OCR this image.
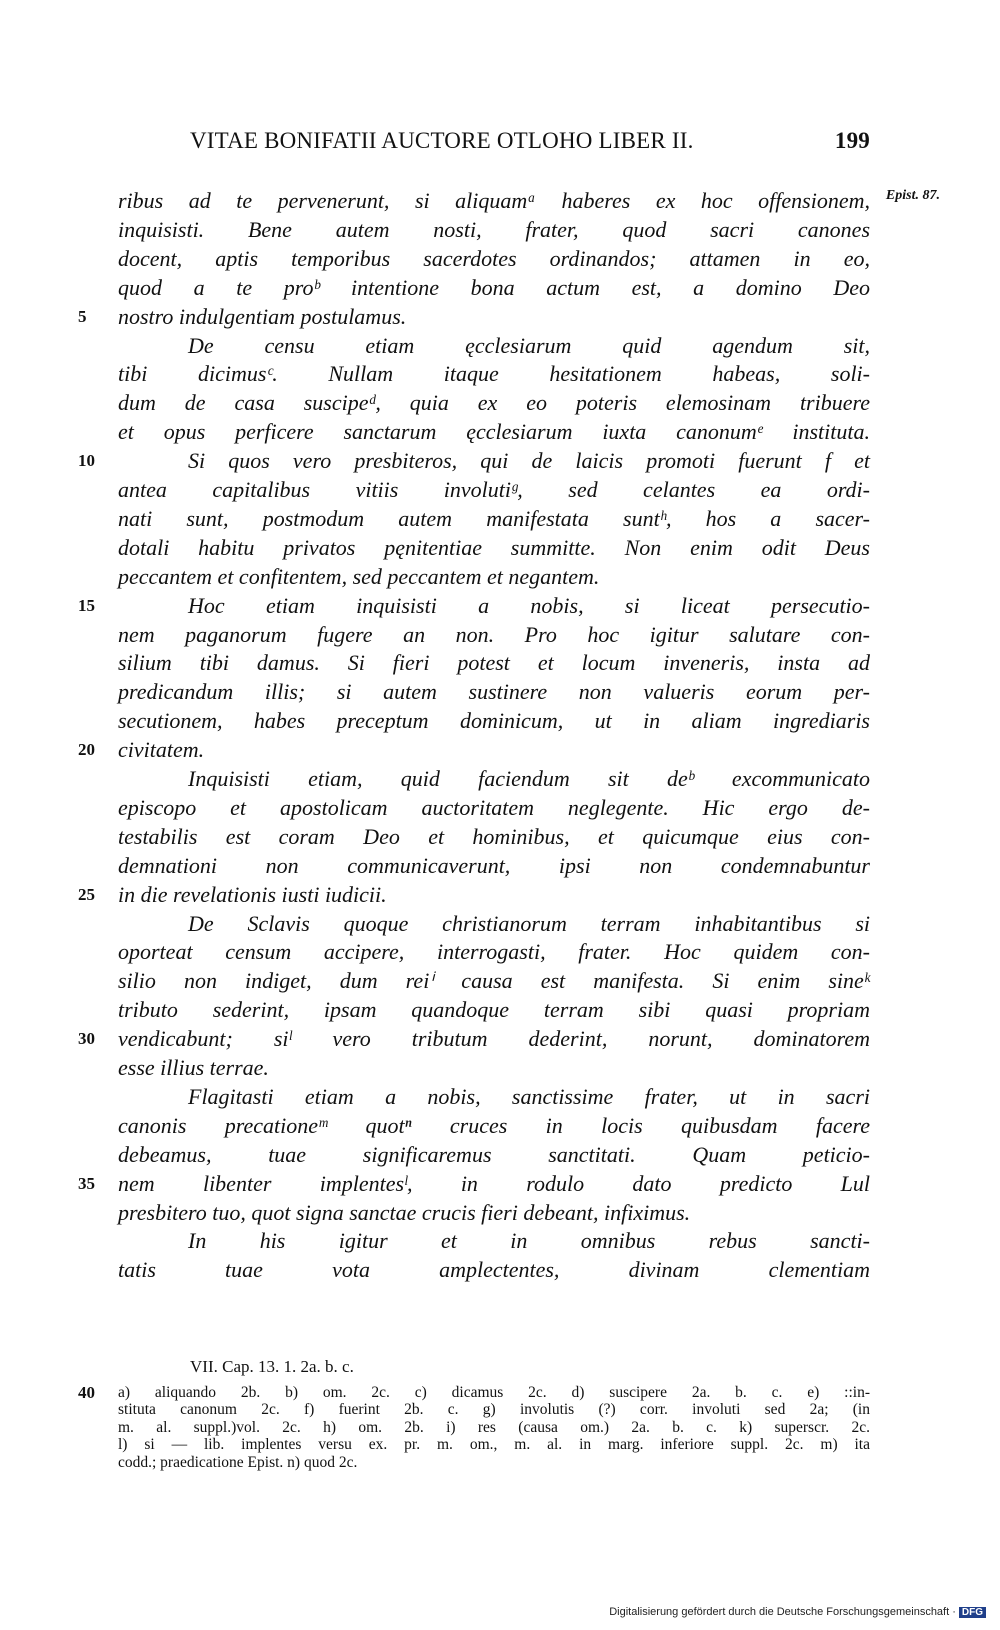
VITAE BONIFATII AUCTORE OTLOHO LIBER II.	199
Epist. 87.
ribus ad te pervenerunt, si aliquamᵃ haberes ex hoc offensionem,
inquisisti. Bene autem nosti, frater, quod sacri canones
docent, aptis temporibus sacerdotes ordinandos; attamen in eo,
quod a te proᵇ intentione bona actum est, a domino Deo
nostro indulgentiam postulamus.
5
De censu etiam ęcclesiarum quid agendum sit,
tibi dicimusᶜ. Nullam itaque hesitationem habeas, soli-
dum de casa suscipeᵈ, quia ex eo poteris elemosinam tribuere
et opus perficere sanctarum ęcclesiarum iuxta canonumᵉ instituta.
Si quos vero presbiteros, qui de laicis promoti fuerunt f et
10
antea capitalibus vitiis involutiᵍ, sed celantes ea ordi-
nati sunt, postmodum autem manifestata suntʰ, hos a sacer-
dotali habitu privatos pęnitentiae summitte. Non enim odit Deus
peccantem et confitentem, sed peccantem et negantem.
Hoc etiam inquisisti a nobis, si liceat persecutio-
15
nem paganorum fugere an non. Pro hoc igitur salutare con-
silium tibi damus. Si fieri potest et locum inveneris, insta ad
predicandum illis; si autem sustinere non valueris eorum per-
secutionem, habes preceptum dominicum, ut in aliam ingrediaris
civitatem.
20
Inquisisti etiam, quid faciendum sit deᵇ excommunicato
episcopo et apostolicam auctoritatem neglegente. Hic ergo de-
testabilis est coram Deo et hominibus, et quicumque eius con-
demnationi non communicaverunt, ipsi non condemnabuntur
in die revelationis iusti iudicii.
25
De Sclavis quoque christianorum terram inhabitantibus si
oporteat censum accipere, interrogasti, frater. Hoc quidem con-
silio non indiget, dum reiⁱ causa est manifesta. Si enim sineᵏ
tributo sederint, ipsam quandoque terram sibi quasi propriam
vendicabunt; siˡ vero tributum dederint, norunt, dominatorem
30
esse illius terrae.
Flagitasti etiam a nobis, sanctissime frater, ut in sacri
canonis precationeᵐ quotⁿ cruces in locis quibusdam facere
debeamus, tuae significaremus sanctitati. Quam peticio-
nem libenter implentesˡ, in rodulo dato predicto Lul
35
presbitero tuo, quot signa sanctae crucis fieri debeant, infiximus.
In his igitur et in omnibus rebus sancti-
tatis tuae vota amplectentes, divinam clementiam
VII. Cap. 13. 1. 2a. b. c.
a) aliquando 2b. b) om. 2c. c) dicamus 2c. d) suscipere 2a. b. c. e) ::in-
40
stituta canonum 2c. f) fuerint 2b. c. g) involutis (?) corr. involuti sed 2a; (in
m. al. suppl.)vol. 2c. h) om. 2b. i) res (causa om.) 2a. b. c. k) superscr. 2c.
l) si — lib. implentes versu ex. pr. m. om., m. al. in marg. inferiore suppl. 2c. m) ita
codd.; praedicatione Epist. n) quod 2c.
Digitalisierung gefördert durch die Deutsche Forschungsgemeinschaft · DFG
